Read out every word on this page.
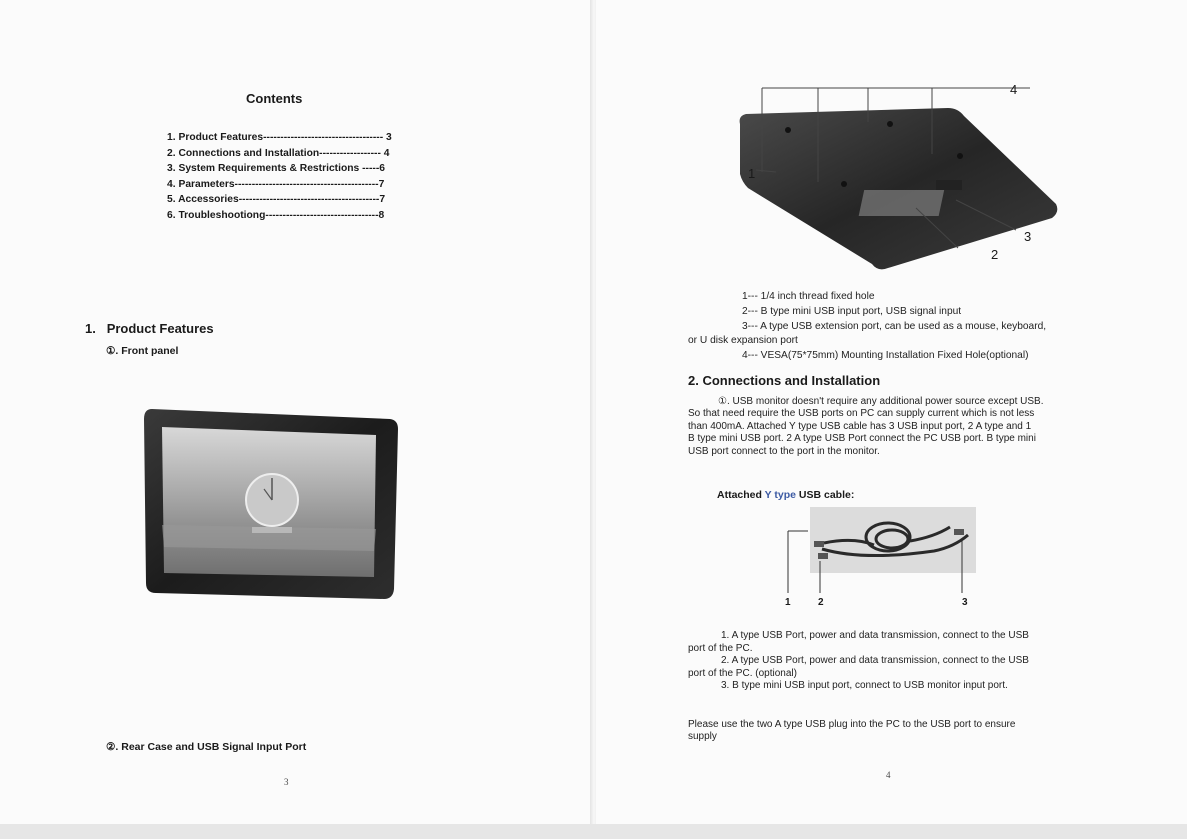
Contents
1. Product Features----------------------------------- 3
2. Connections and Installation------------------ 4
3. System Requirements & Restrictions -----6
4. Parameters------------------------------------------7
5. Accessories-----------------------------------------7
6. Troubleshootiong---------------------------------8
1. Product Features
①. Front panel
②. Rear Case and USB Signal Input Port
3
4
1
2
3
1--- 1/4 inch thread fixed hole
2--- B type mini USB input port, USB signal input
3--- A type USB extension port, can be used as a mouse, keyboard,
or U disk expansion port
4--- VESA(75*75mm) Mounting Installation Fixed Hole(optional)
2. Connections and Installation
①. USB monitor doesn't require any additional power source except USB.
So that need require the USB ports on PC can supply current which is not less
than 400mA. Attached Y type USB cable has 3 USB input port, 2 A type and 1
B type mini USB port. 2 A type USB Port connect the PC USB port. B type mini
USB port connect to the port in the monitor.
Attached Y type USB cable:
1	2	3
1. A type USB Port, power and data transmission, connect to the USB
port of the PC.
2. A type USB Port, power and data transmission, connect to the USB
port of the PC. (optional)
3. B type mini USB input port, connect to USB monitor input port.
Please use the two A type USB plug into the PC to the USB port to ensure
supply
4
